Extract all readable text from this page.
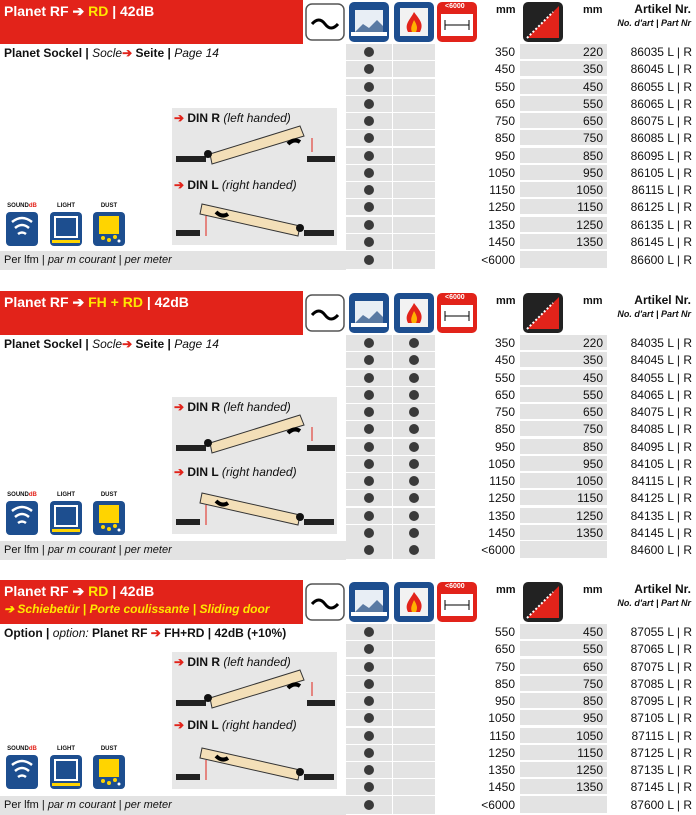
Planet RF ➔ RD | 42dB	<6000	mm	mm	Artikel Nr.
No. d'art | Part Nr
Planet Sockel | Socle➔ Seite | Page 14
➔ DIN R (left handed)
➔ DIN L (right handed)
SOUNDdB	LIGHT	DUST
350	220	86035 L | R
450	350	86045 L | R
550	450	86055 L | R
650	550	86065 L | R
750	650	86075 L | R
850	750	86085 L | R
950	850	86095 L | R
1050	950	86105 L | R
1150	1050	86115 L | R
1250	1150	86125 L | R
1350	1250	86135 L | R
1450	1350	86145 L | R
Per lfm | par m courant | per meter	<6000	86600 L | R
Planet RF ➔ FH + RD | 42dB	<6000	mm	mm	Artikel Nr.
No. d'art | Part Nr
Planet Sockel | Socle➔ Seite | Page 14
➔ DIN R (left handed)
➔ DIN L (right handed)
SOUNDdB	LIGHT	DUST
350	220	84035 L | R
450	350	84045 L | R
550	450	84055 L | R
650	550	84065 L | R
750	650	84075 L | R
850	750	84085 L | R
950	850	84095 L | R
1050	950	84105 L | R
1150	1050	84115 L | R
1250	1150	84125 L | R
1350	1250	84135 L | R
1450	1350	84145 L | R
Per lfm | par m courant | per meter	<6000	84600 L | R
Planet RF ➔ RD | 42dB
➔ Schiebetür | Porte coulissante | Sliding door
<6000	mm	mm	Artikel Nr.
No. d'art | Part Nr
Option | option: Planet RF ➔ FH+RD | 42dB (+10%)
➔ DIN R (left handed)
➔ DIN L (right handed)
SOUNDdB	LIGHT	DUST
550	450	87055 L | R
650	550	87065 L | R
750	650	87075 L | R
850	750	87085 L | R
950	850	87095 L | R
1050	950	87105 L | R
1150	1050	87115 L | R
1250	1150	87125 L | R
1350	1250	87135 L | R
1450	1350	87145 L | R
Per lfm | par m courant | per meter	<6000	87600 L | R
